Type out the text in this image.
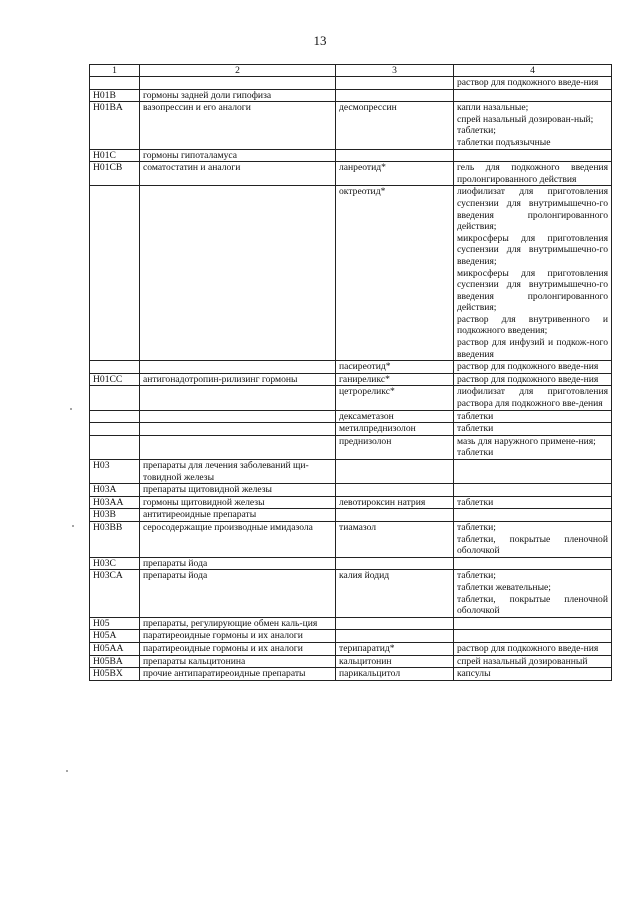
13
1	2	3	4

			раствор для подкожного введе-ния

H01B	гормоны задней доли гипофиза		
H01BA	вазопрессин и его аналоги	десмопрессин	капли назальные;
спрей назальный дозирован-ный;
таблетки;
таблетки подъязычные

H01C	гормоны гипоталамуса		
H01CB	соматостатин и аналоги	ланреотид*	гель для подкожного введения пролонгированного действия

		октреотид*	лиофилизат для приготовления суспензии для внутримышечно-го введения пролонгированного действия;
микросферы для приготовления суспензии для внутримышечно-го введения;
микросферы для приготовления суспензии для внутримышечно-го введения пролонгированного действия;
раствор для внутривенного и подкожного введения;
раствор для инфузий и подкож-ного введения

		пасиреотид*	раствор для подкожного введе-ния

H01CC	антигонадотропин-рилизинг гормоны	ганиреликс*	раствор для подкожного введе-ния

		цетрореликс*	лиофилизат для приготовления раствора для подкожного вве-дения

		дексаметазон	таблетки

		метилпреднизолон	таблетки

		преднизолон	мазь для наружного примене-ния;
таблетки

H03	препараты для лечения заболеваний щи-товидной железы		
H03A	препараты щитовидной железы		
H03AA	гормоны щитовидной железы	левотироксин натрия	таблетки

H03B	антитиреоидные препараты		
H03BB	серосодержащие производные имидазола	тиамазол	таблетки;
таблетки, покрытые пленочной оболочкой

H03C	препараты йода		
H03CA	препараты йода	калия йодид	таблетки;
таблетки жевательные;
таблетки, покрытые пленочной оболочкой

H05	препараты, регулирующие обмен каль-ция		
H05A	паратиреоидные гормоны и их аналоги		
H05AA	паратиреоидные гормоны и их аналоги	терипаратид*	раствор для подкожного введе-ния

H05BA	препараты кальцитонина	кальцитонин	спрей назальный дозированный

H05BX	прочие антипаратиреоидные препараты	парикальцитол	капсулы
